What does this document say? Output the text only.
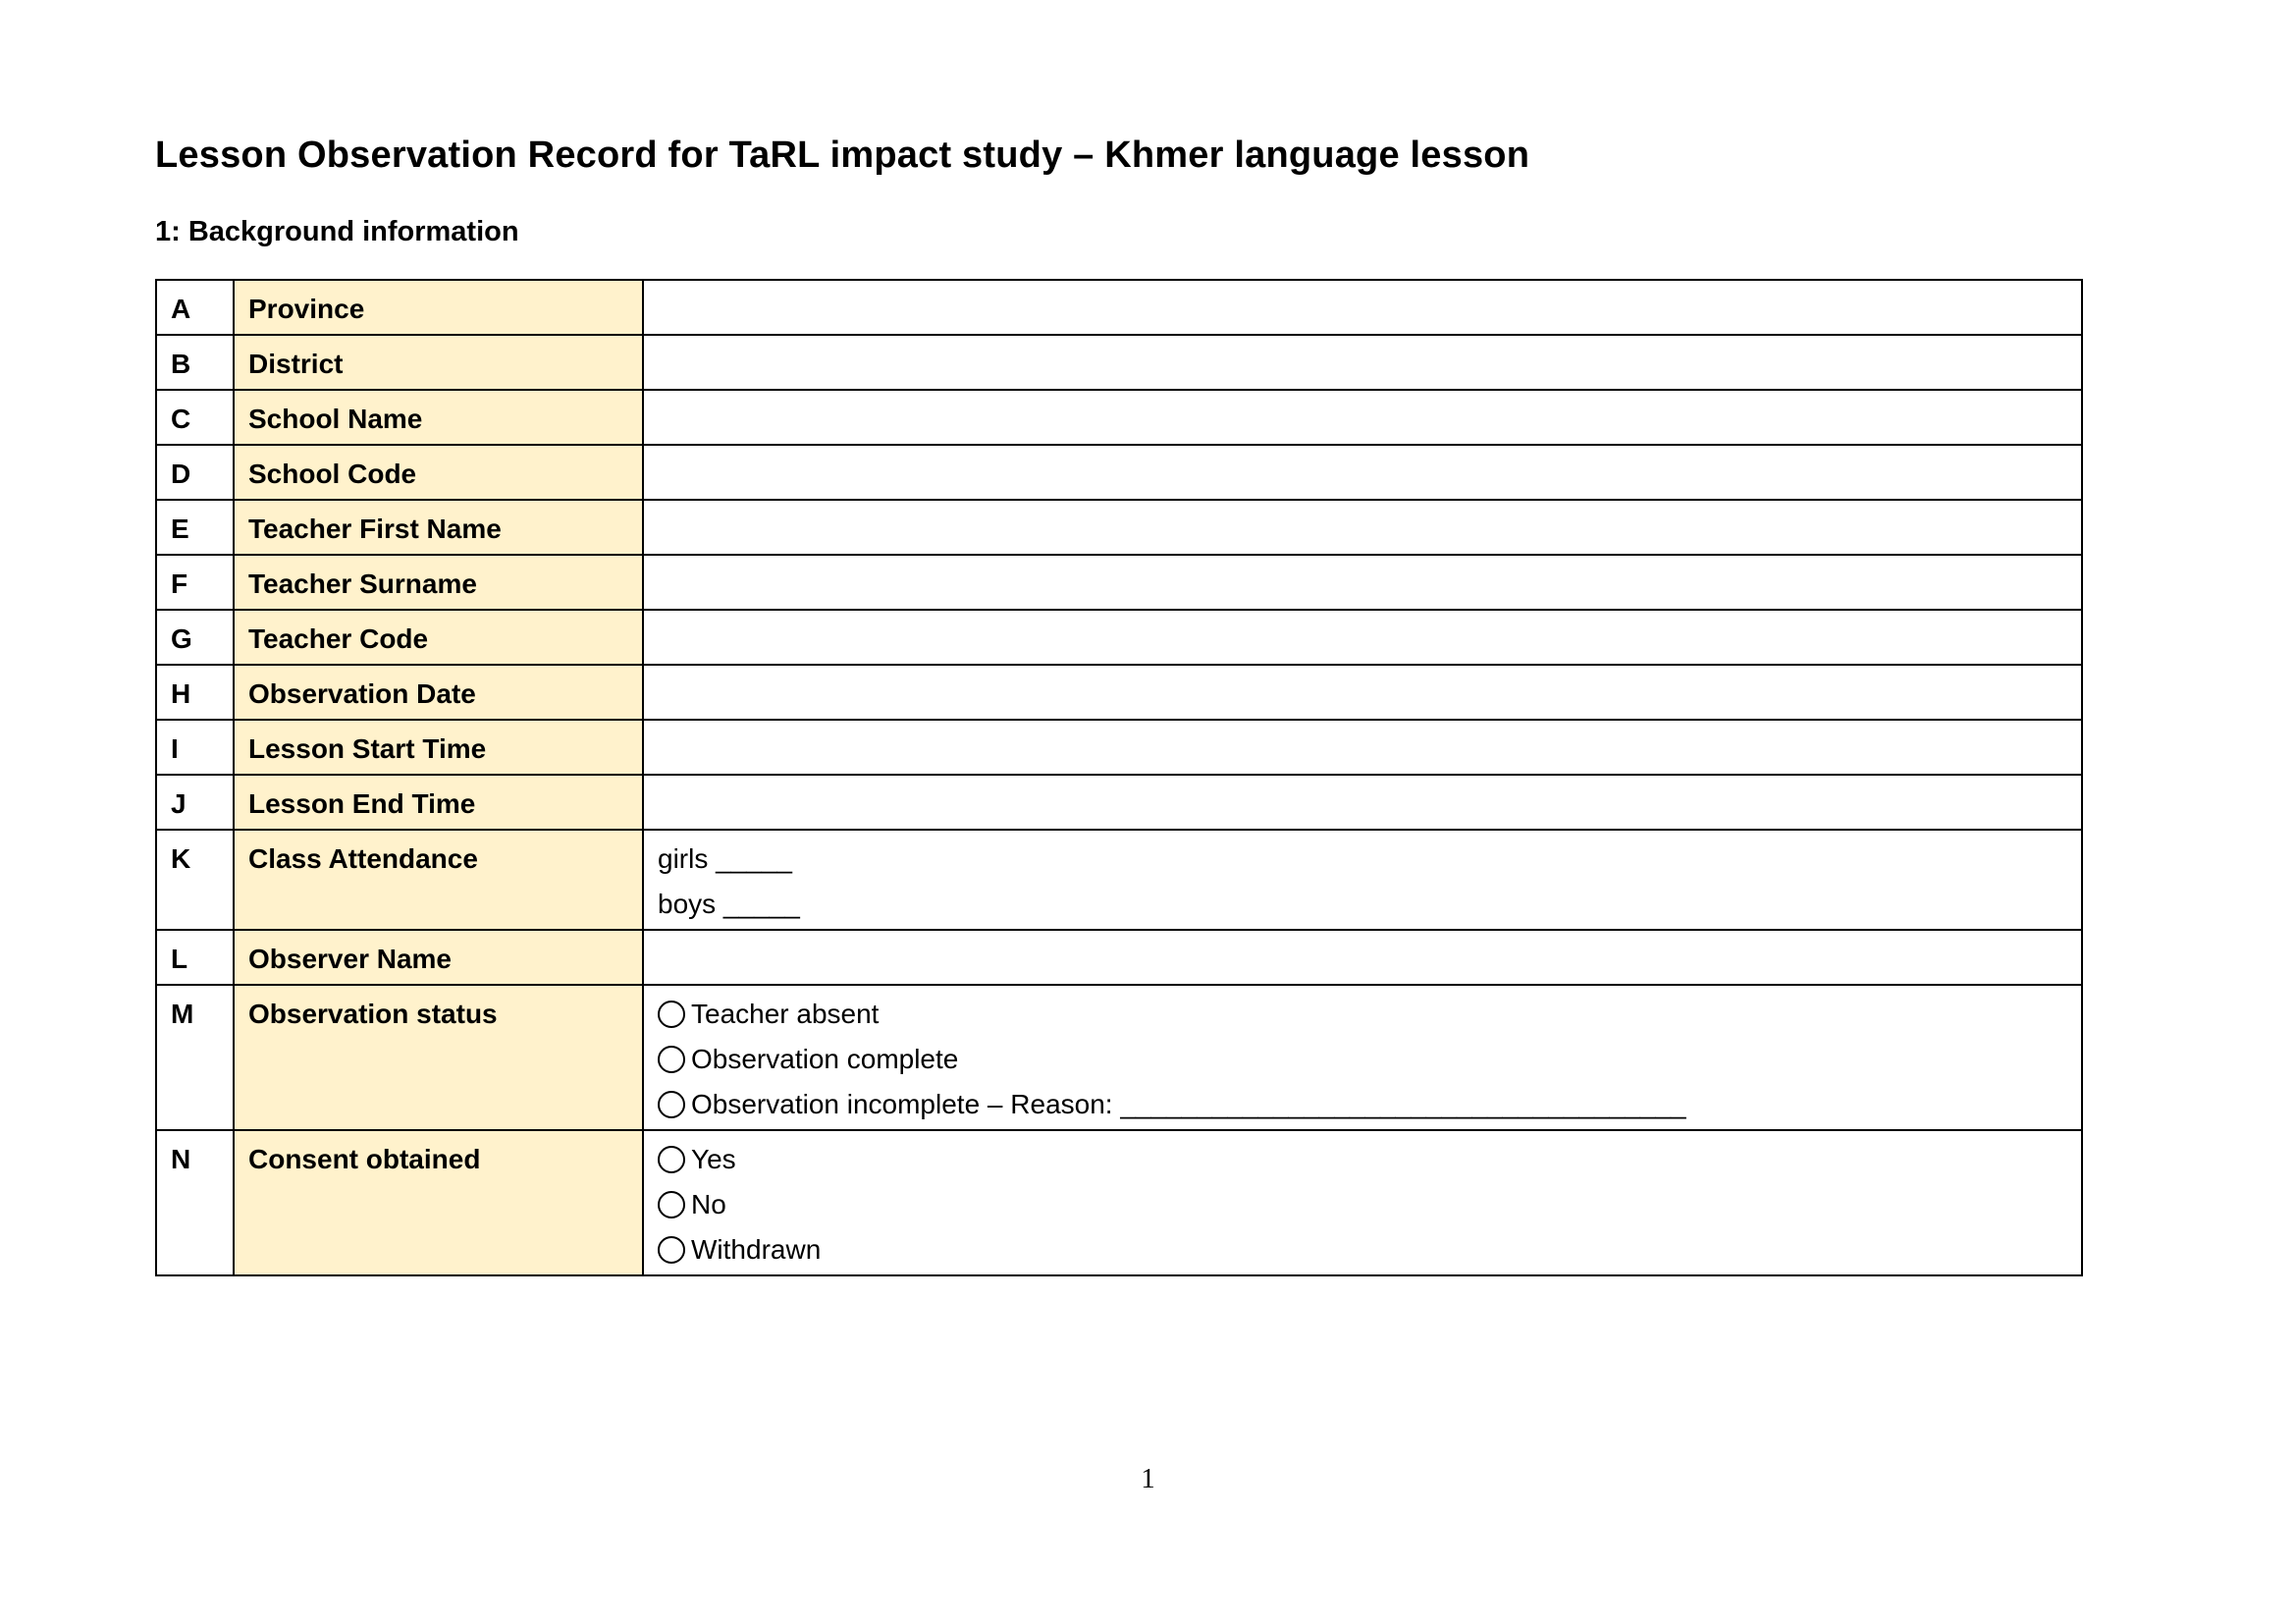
Lesson Observation Record for TaRL impact study – Khmer language lesson
1: Background information
A	Province	
B	District	
C	School Name	
D	School Code	
E	Teacher First Name	
F	Teacher Surname	
G	Teacher Code	
H	Observation Date	
I	Lesson Start Time	
J	Lesson End Time	
K	Class Attendance	girls _____
boys _____

L	Observer Name	
M	Observation status	Teacher absent
Observation complete
Observation incomplete – Reason: _____________________________________

N	Consent obtained	Yes
No
Withdrawn
1
